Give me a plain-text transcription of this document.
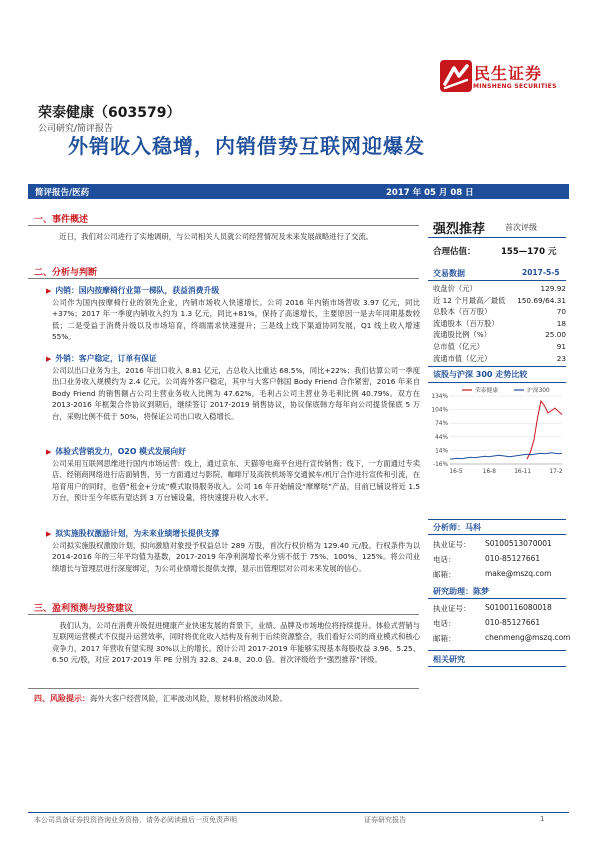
民生证券
MINSHENG SECURITIES
荣泰健康（603579）
公司研究/简评报告
外销收入稳增，内销借势互联网迎爆发
简评报告/医药	2017 年 05 月 08 日
一、事件概述
近日，我们对公司进行了实地调研，与公司相关人员就公司经营情况及未来发展战略进行了交流。
二、分析与判断
▶ 内销：国内按摩椅行业第一梯队，获益消费升级
公司作为国内按摩椅行业的领先企业，内销市场收入快速增长。公司 2016 年内销市场营收 3.97 亿元，同比+37%；2017 年一季度内销收入约为 1.3 亿元，同比+81%，保持了高速增长，主要原因一是去年同期基数较低；二是受益于消费升级以及市场培育，终端需求快速提升；三是线上线下渠道协同发展，Q1 线上收入增速 55%。
▶ 外销：客户稳定，订单有保证
公司以出口业务为主，2016 年出口收入 8.81 亿元，占总收入比重达 68.5%，同比+22%；我们估算公司一季度出口业务收入规模约为 2.4 亿元。公司海外客户稳定，其中与大客户韩国 Body Friend 合作紧密，2016 年来自 Body Friend 的销售额占公司主营业务收入比例为 47.62%，毛利占公司主营业务毛利比例 40.79%。双方在 2013-2016 年框架合作协议到期后，继续签订 2017-2019 销售协议，协议保底韩方每年向公司提货保底 5 万台，采购比例不低于 50%，将保证公司出口收入稳增长。
▶ 体验式营销发力，O2O 模式发展向好
公司采用互联网思维进行国内市场运营：线上，通过京东、天猫等电商平台进行宣传销售；线下，一方面通过专卖店、经销商网络进行店面销售，另一方面通过与影院、咖啡厅及高铁机场等交通候车/机厅合作进行宣传和引流，在培育用户的同时，也借“租金+分成”模式取得服务收入。公司 16 年开始铺设“摩摩哒”产品，目前已铺设将近 1.5 万台，预计至今年底有望达到 3 万台铺设量，将快速提升收入水平。
▶ 拟实施股权激励计划，为未来业绩增长提供支撑
公司拟实施股权激励计划，拟向激励对象授予权益总计 289 万股，首次行权价格为 129.40 元/股。行权条件为以 2014-2016 年的三年平均值为基数，2017-2019 年净利润增长率分别不低于 75%、100%、125%。将公司业绩增长与管理层进行深度绑定，为公司业绩增长提供支撑，显示出管理层对公司未来发展的信心。
三、盈利预测与投资建议
我们认为，公司在消费升级促进健康产业快速发展的背景下，业绩、品牌及市场地位将持续提升。体验式营销与互联网运营模式不仅提升运营效率，同时将优化收入结构及有利于后续资源整合，我们看好公司的商业模式和核心竞争力，2017 年营收有望实现 30%以上的增长。预计公司 2017-2019 年能够实现基本每股收益 3.96、5.25、6.50 元/股，对应 2017-2019 年 PE 分别为 32.8、24.8、20.0 倍。首次评级给予“强烈推荐”评级。
四、风险提示：海外大客户经营风险，汇率波动风险，原材料价格波动风险。
强烈推荐 首次评级
合理估值：	155—170 元
交易数据	2017-5-5
收盘价（元）	129.92
近 12 个月最高／最低 150.69/64.31
总股本（百万股）	70
流通股本（百万股）	18
流通股比例（%）	25.00
总市值（亿元）	91
流通市值（亿元）	23
该股与沪深 300 走势比较
134%
104%
74%
44%
14%
-16%
16-5	16-8	16-11	17-2
荣泰健康	沪深300
分析师：马科
执业证号： S0100513070001
电话：	010-85127661
邮箱：	make@mszq.com
研究助理：陈梦
执业证号： S0100116080018
电话：	010-85127661
邮箱：	chenmeng@mszq.com
相关研究
本公司具备证券投资咨询业务资格，请务必阅读最后一页免责声明	证券研究报告	1
